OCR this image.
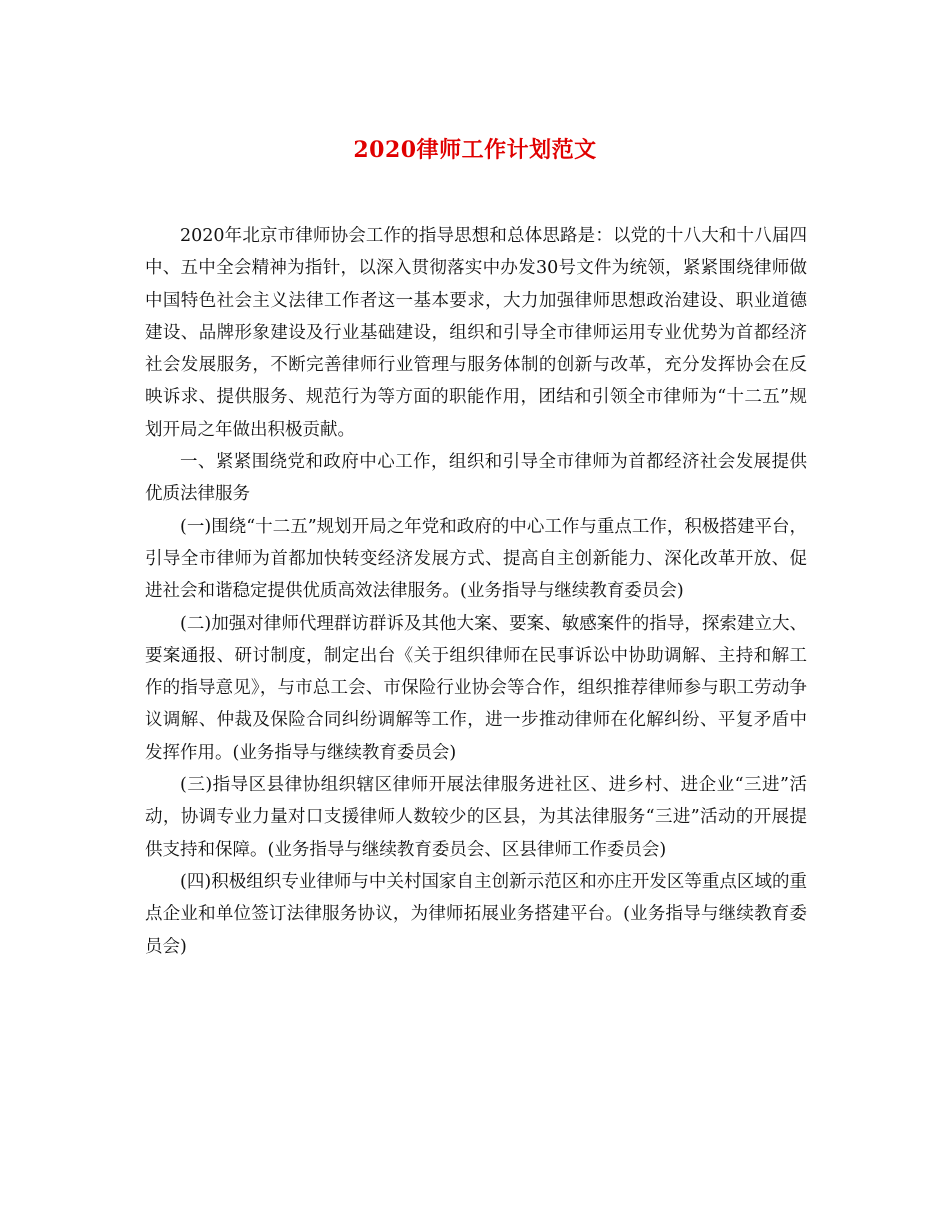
2020律师工作计划范文

2020年北京市律师协会工作的指导思想和总体思路是：以党的十八大和十八届四中、五中全会精神为指针，以深入贯彻落实中办发30号文件为统领，紧紧围绕律师做中国特色社会主义法律工作者这一基本要求，大力加强律师思想政治建设、职业道德建设、品牌形象建设及行业基础建设，组织和引导全市律师运用专业优势为首都经济社会发展服务，不断完善律师行业管理与服务体制的创新与改革，充分发挥协会在反映诉求、提供服务、规范行为等方面的职能作用，团结和引领全市律师为“十二五”规划开局之年做出积极贡献。

一、紧紧围绕党和政府中心工作，组织和引导全市律师为首都经济社会发展提供优质法律服务

(一)围绕“十二五”规划开局之年党和政府的中心工作与重点工作，积极搭建平台，引导全市律师为首都加快转变经济发展方式、提高自主创新能力、深化改革开放、促进社会和谐稳定提供优质高效法律服务。(业务指导与继续教育委员会)

(二)加强对律师代理群访群诉及其他大案、要案、敏感案件的指导，探索建立大、要案通报、研讨制度，制定出台《关于组织律师在民事诉讼中协助调解、主持和解工作的指导意见》，与市总工会、市保险行业协会等合作，组织推荐律师参与职工劳动争议调解、仲裁及保险合同纠纷调解等工作，进一步推动律师在化解纠纷、平复矛盾中发挥作用。(业务指导与继续教育委员会)

(三)指导区县律协组织辖区律师开展法律服务进社区、进乡村、进企业“三进”活动，协调专业力量对口支援律师人数较少的区县，为其法律服务“三进”活动的开展提供支持和保障。(业务指导与继续教育委员会、区县律师工作委员会)

(四)积极组织专业律师与中关村国家自主创新示范区和亦庄开发区等重点区域的重点企业和单位签订法律服务协议，为律师拓展业务搭建平台。(业务指导与继续教育委员会)
